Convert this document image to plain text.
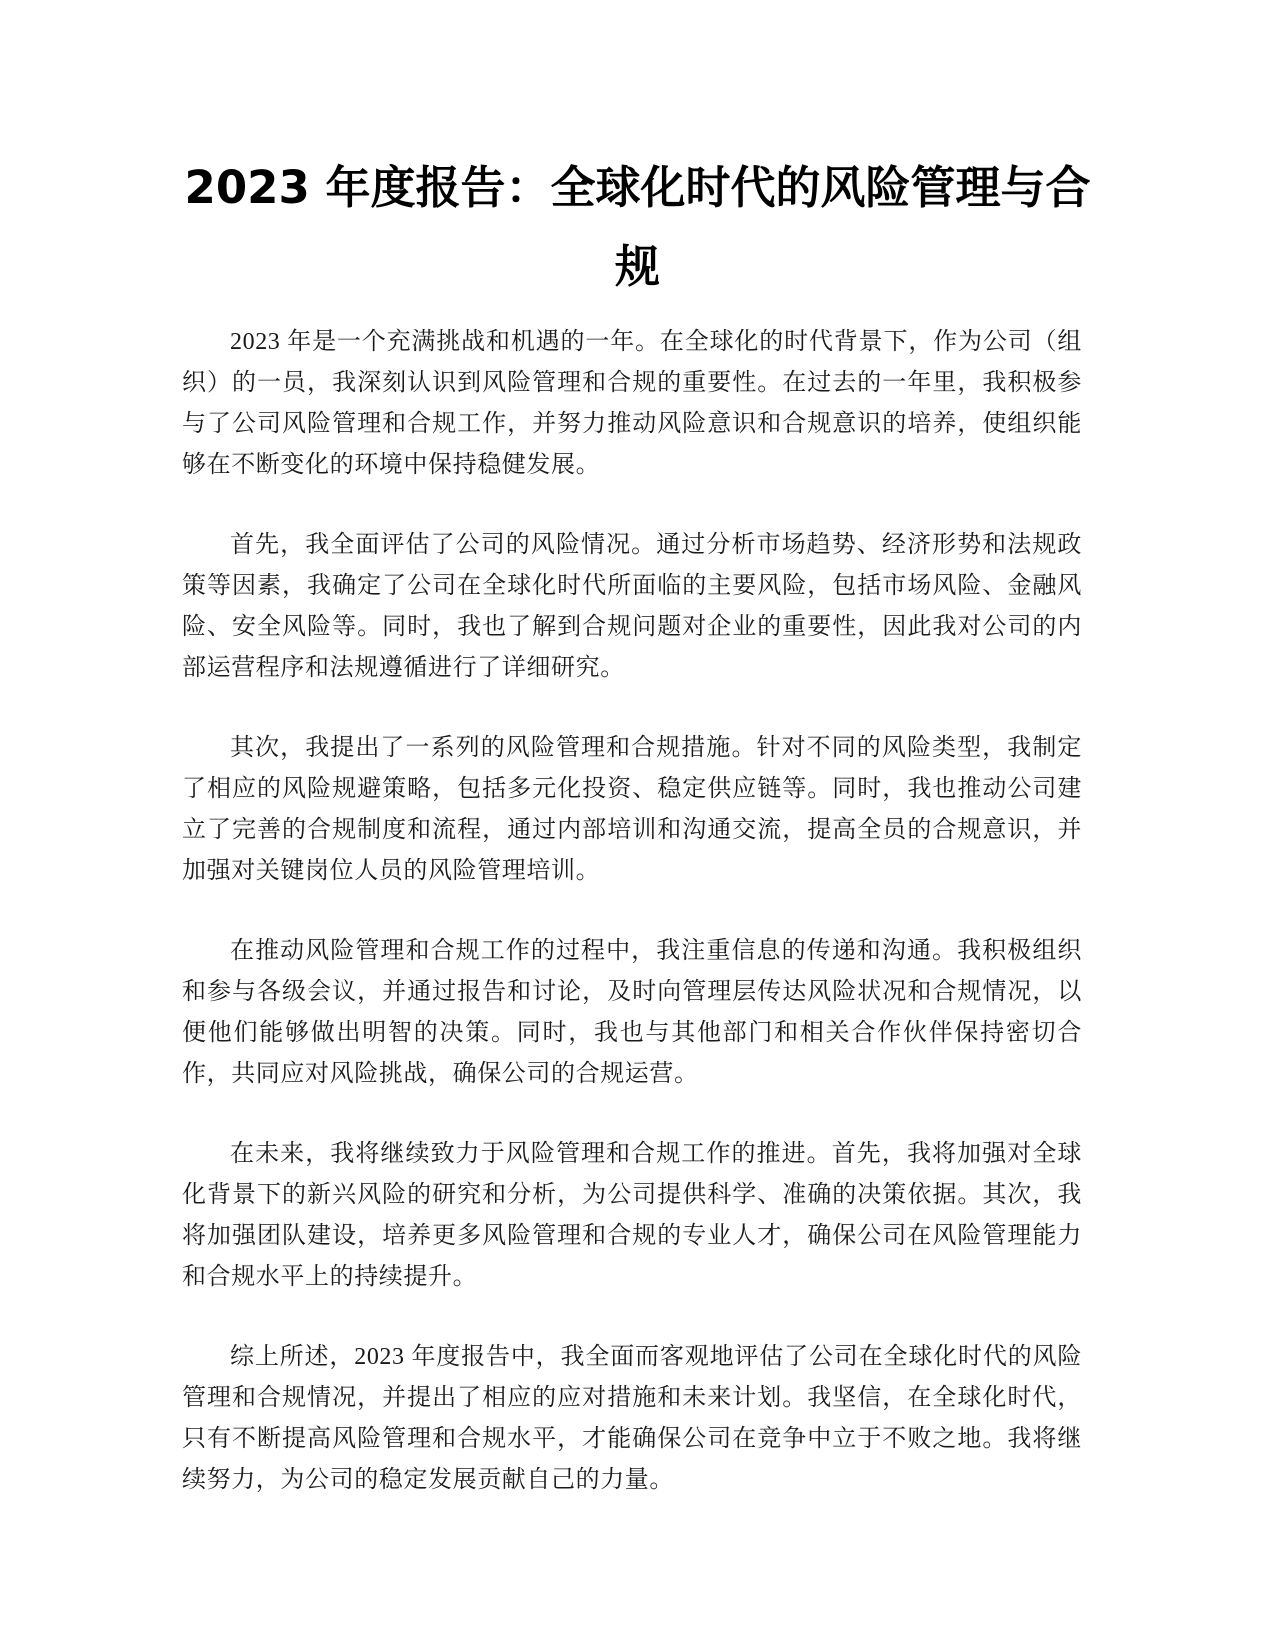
2023 年度报告：全球化时代的风险管理与合规

2023 年是一个充满挑战和机遇的一年。在全球化的时代背景下，作为公司（组织）的一员，我深刻认识到风险管理和合规的重要性。在过去的一年里，我积极参与了公司风险管理和合规工作，并努力推动风险意识和合规意识的培养，使组织能够在不断变化的环境中保持稳健发展。

首先，我全面评估了公司的风险情况。通过分析市场趋势、经济形势和法规政策等因素，我确定了公司在全球化时代所面临的主要风险，包括市场风险、金融风险、安全风险等。同时，我也了解到合规问题对企业的重要性，因此我对公司的内部运营程序和法规遵循进行了详细研究。

其次，我提出了一系列的风险管理和合规措施。针对不同的风险类型，我制定了相应的风险规避策略，包括多元化投资、稳定供应链等。同时，我也推动公司建立了完善的合规制度和流程，通过内部培训和沟通交流，提高全员的合规意识，并加强对关键岗位人员的风险管理培训。

在推动风险管理和合规工作的过程中，我注重信息的传递和沟通。我积极组织和参与各级会议，并通过报告和讨论，及时向管理层传达风险状况和合规情况，以便他们能够做出明智的决策。同时，我也与其他部门和相关合作伙伴保持密切合作，共同应对风险挑战，确保公司的合规运营。

在未来，我将继续致力于风险管理和合规工作的推进。首先，我将加强对全球化背景下的新兴风险的研究和分析，为公司提供科学、准确的决策依据。其次，我将加强团队建设，培养更多风险管理和合规的专业人才，确保公司在风险管理能力和合规水平上的持续提升。

综上所述，2023 年度报告中，我全面而客观地评估了公司在全球化时代的风险管理和合规情况，并提出了相应的应对措施和未来计划。我坚信，在全球化时代，只有不断提高风险管理和合规水平，才能确保公司在竞争中立于不败之地。我将继续努力，为公司的稳定发展贡献自己的力量。
